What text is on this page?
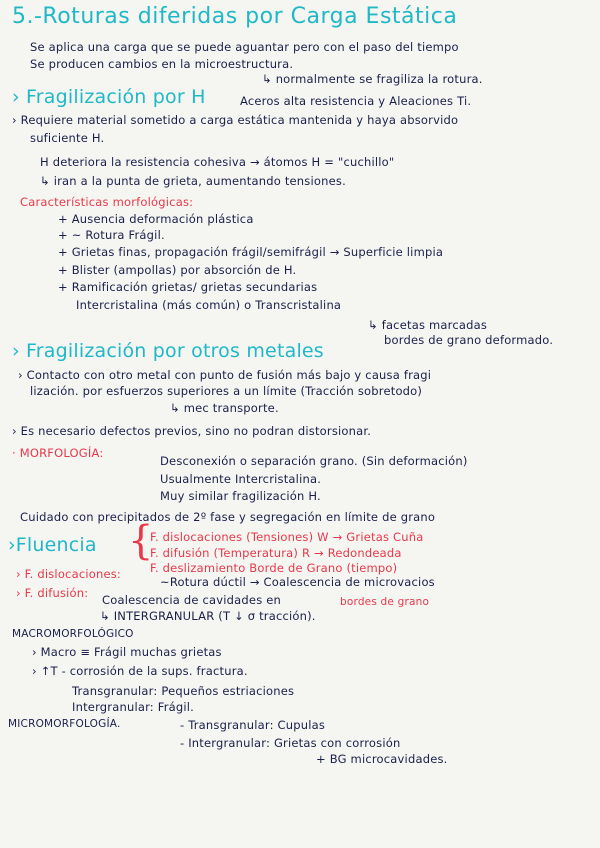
5.-Roturas diferidas por Carga Estática
Se aplica una carga que se puede aguantar pero con el paso del tiempo
Se producen cambios en la microestructura.
↳ normalmente se fragiliza la rotura.
› Fragilización por H	Aceros alta resistencia y Aleaciones Ti.
› Requiere material sometido a carga estática mantenida y haya absorvido
suficiente H.
H deteriora la resistencia cohesiva → átomos H = "cuchillo"
↳ iran a la punta de grieta, aumentando tensiones.
Características morfológicas:
+ Ausencia deformación plástica
+ ~ Rotura Frágil.
+ Grietas finas, propagación frágil/semifrágil → Superficie limpia
+ Blister (ampollas) por absorción de H.
+ Ramificación grietas/ grietas secundarias
Intercristalina (más común) o Transcristalina
↳ facetas marcadas
bordes de grano deformado.
› Fragilización por otros metales
› Contacto con otro metal con punto de fusión más bajo y causa fragi
lización. por esfuerzos superiores a un límite (Tracción sobretodo)
↳ mec transporte.
› Es necesario defectos previos, sino no podran distorsionar.
· MORFOLOGÍA:
Desconexión o separación grano. (Sin deformación)
Usualmente Intercristalina.
Muy similar fragilización H.
Cuidado con precipitados de 2º fase y segregación en límite de grano
›Fluencia {
F. dislocaciones (Tensiones) W → Grietas Cuña
F. difusión (Temperatura) R → Redondeada
F. deslizamiento Borde de Grano (tiempo)
› F. dislocaciones:
~Rotura dúctil → Coalescencia de microvacios
› F. difusión: Coalescencia de cavidades en	bordes de grano
↳ INTERGRANULAR (T ↓ σ tracción).
MACROMORFOLÓGICO
› Macro ≡ Frágil muchas grietas
› ↑T - corrosión de la sups. fractura.
Transgranular: Pequeños estriaciones
Intergranular: Frágil.
MICROMORFOLOGÍA.	- Transgranular: Cupulas
- Intergranular: Grietas con corrosión
+ BG microcavidades.
